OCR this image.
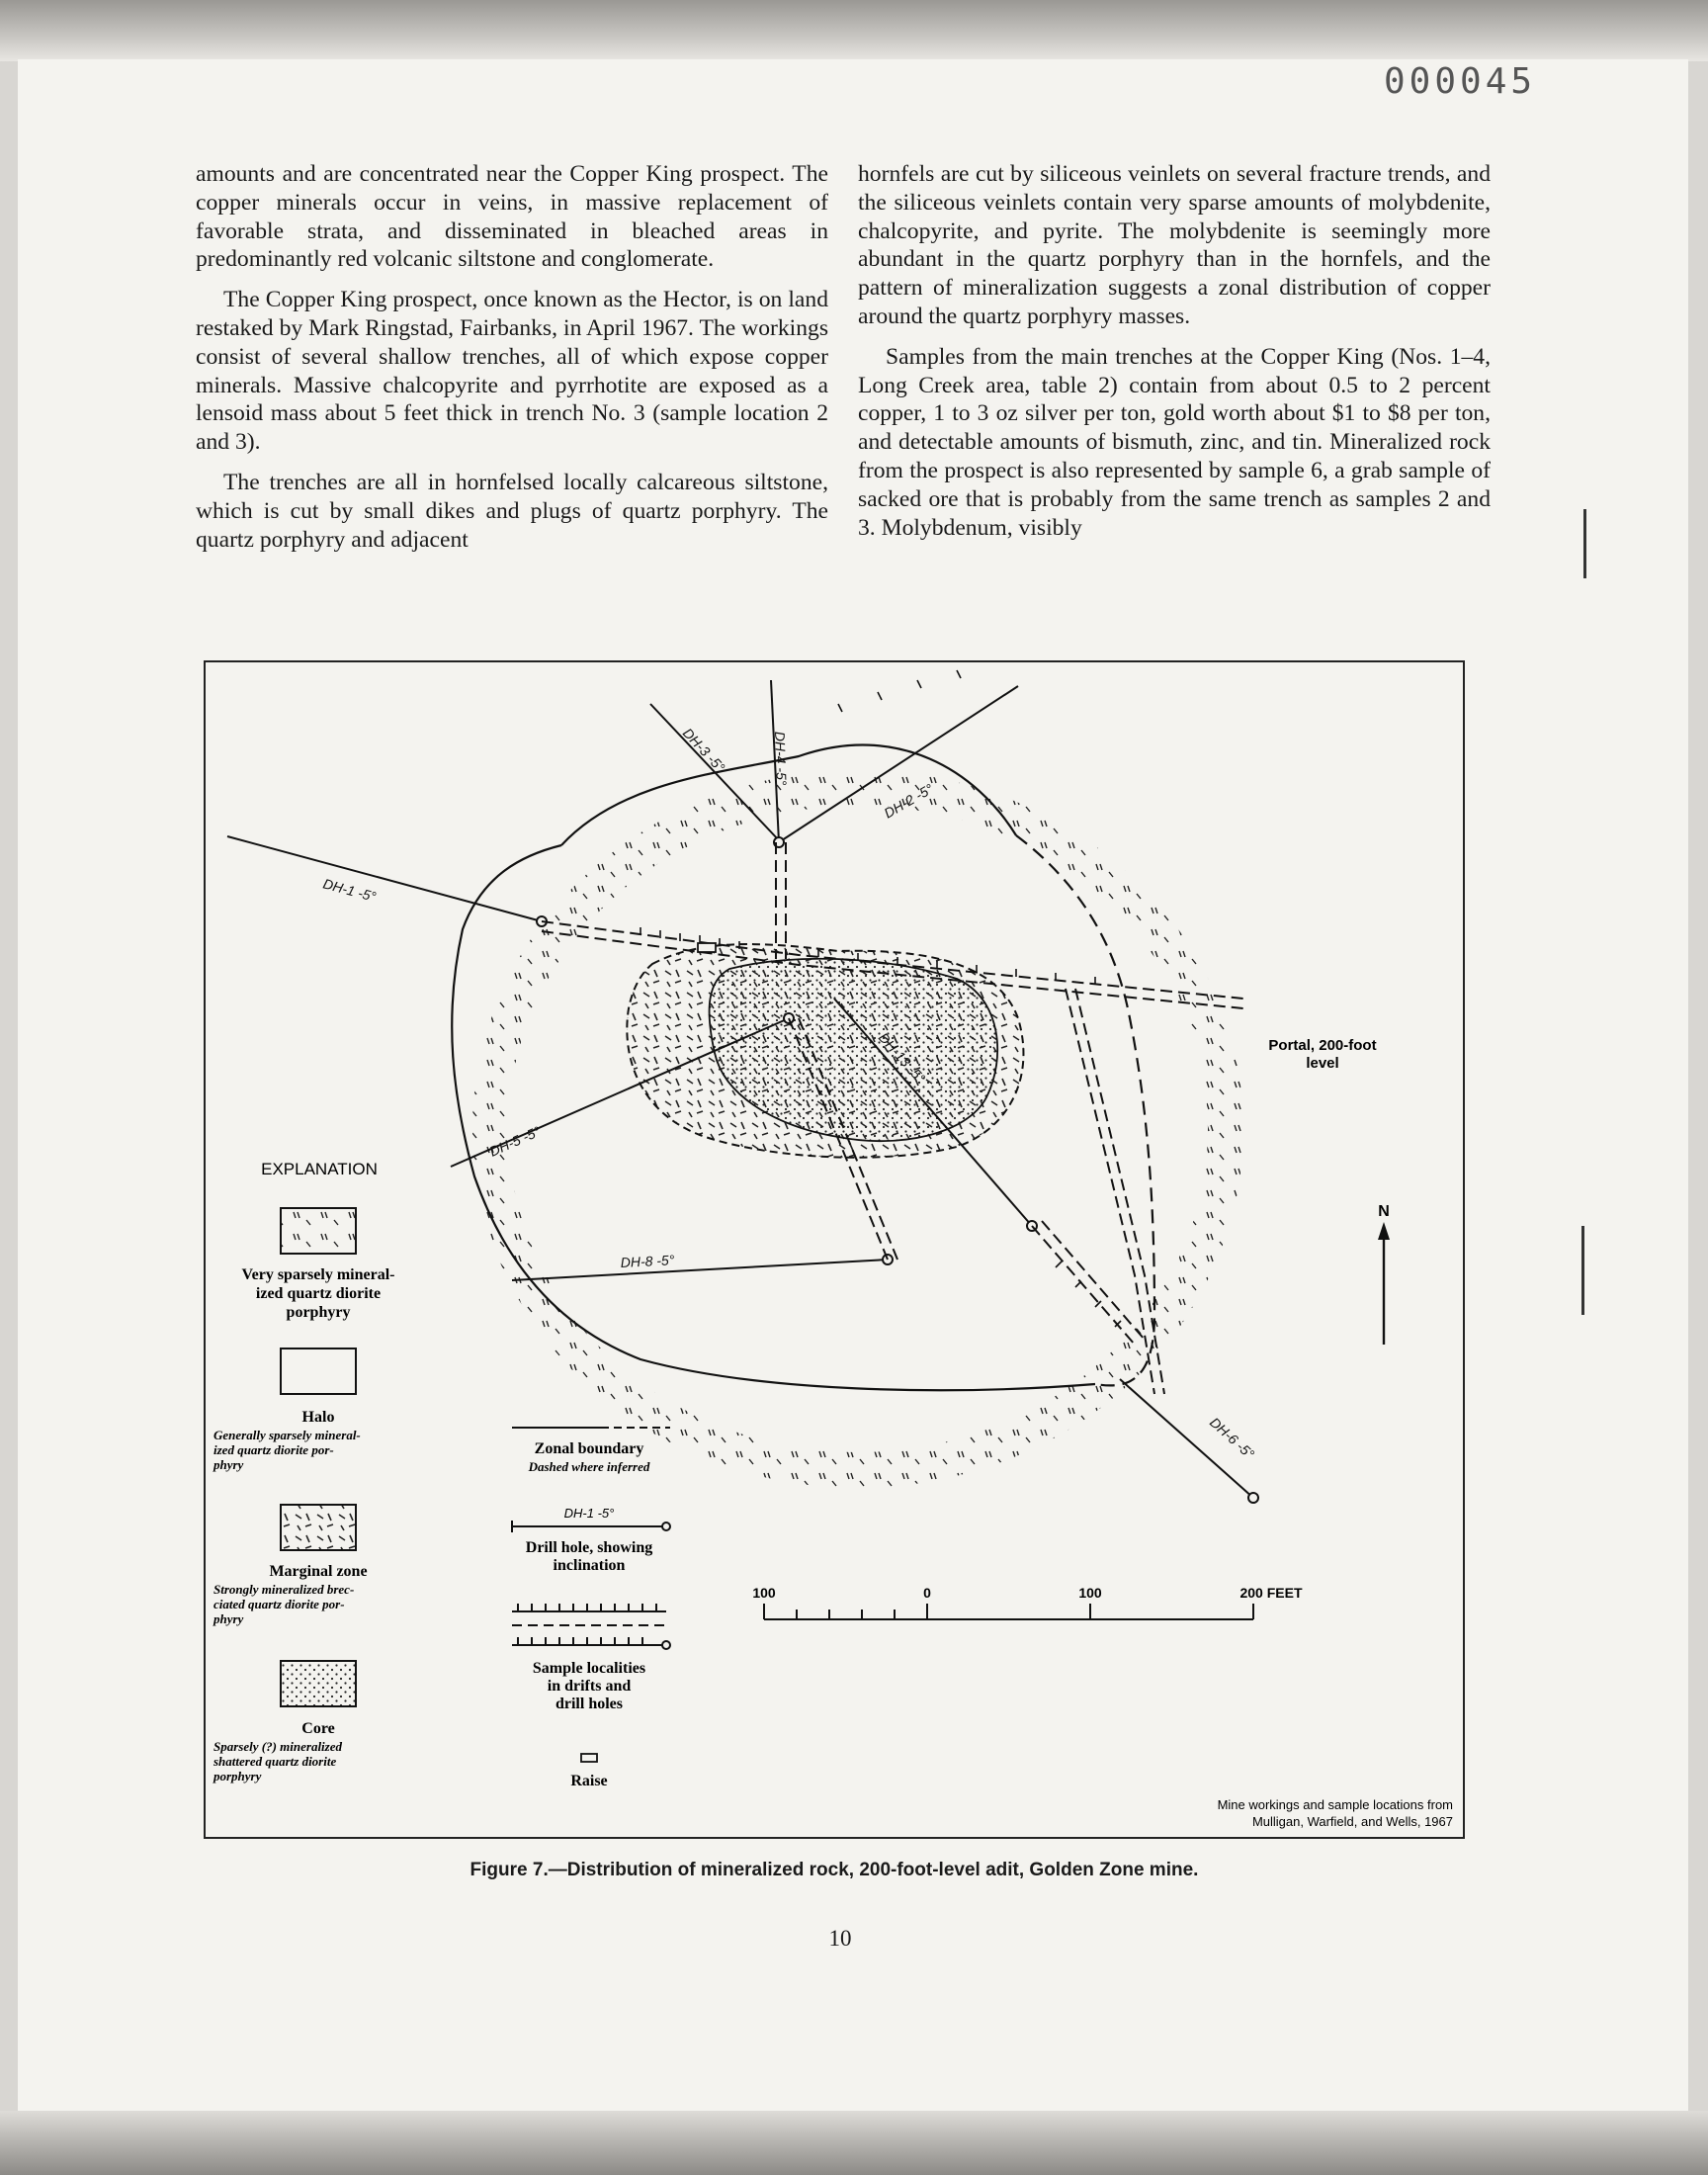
000045

amounts and are concentrated near the Copper King prospect. The copper minerals occur in veins, in massive replacement of favorable strata, and disseminated in bleached areas in predominantly red volcanic siltstone and conglomerate.

The Copper King prospect, once known as the Hector, is on land restaked by Mark Ringstad, Fairbanks, in April 1967. The workings consist of several shallow trenches, all of which expose copper minerals. Massive chalcopyrite and pyrrhotite are exposed as a lensoid mass about 5 feet thick in trench No. 3 (sample location 2 and 3).

The trenches are all in hornfelsed locally calcareous siltstone, which is cut by small dikes and plugs of quartz porphyry. The quartz porphyry and adjacent

hornfels are cut by siliceous veinlets on several fracture trends, and the siliceous veinlets contain very sparse amounts of molybdenite, chalcopyrite, and pyrite. The molybdenite is seemingly more abundant in the quartz porphyry than in the hornfels, and the pattern of mineralization suggests a zonal distribution of copper around the quartz porphyry masses.

Samples from the main trenches at the Copper King (Nos. 1–4, Long Creek area, table 2) contain from about 0.5 to 2 percent copper, 1 to 3 oz silver per ton, gold worth about $1 to $8 per ton, and detectable amounts of bismuth, zinc, and tin. Mineralized rock from the prospect is also represented by sample 6, a grab sample of sacked ore that is probably from the same trench as samples 2 and 3. Molybdenum, visibly

DH-1 -5°
DH-3 -5°	DH-4 -5°
DH-2 -5°
DH-5 -5°
DH-13 -5°
DH-8 -5°
DH-6 -5°
Portal, 200-foot
level
N
100	0	100	200 FEET
Mine workings and sample locations from
Mulligan, Warfield, and Wells, 1967
EXPLANATION
Very sparsely mineral-
ized quartz diorite
porphyry
Halo
Generally sparsely mineral-
ized quartz diorite por-
phyry
Marginal zone
Strongly mineralized brec-
ciated quartz diorite por-
phyry
Core
Sparsely (?) mineralized
shattered quartz diorite
porphyry
Zonal boundary
Dashed where inferred
DH-1 -5°
Drill hole, showing
inclination
Sample localities
in drifts and
drill holes
Raise
Figure 7.—Distribution of mineralized rock, 200-foot-level adit, Golden Zone mine.
10
